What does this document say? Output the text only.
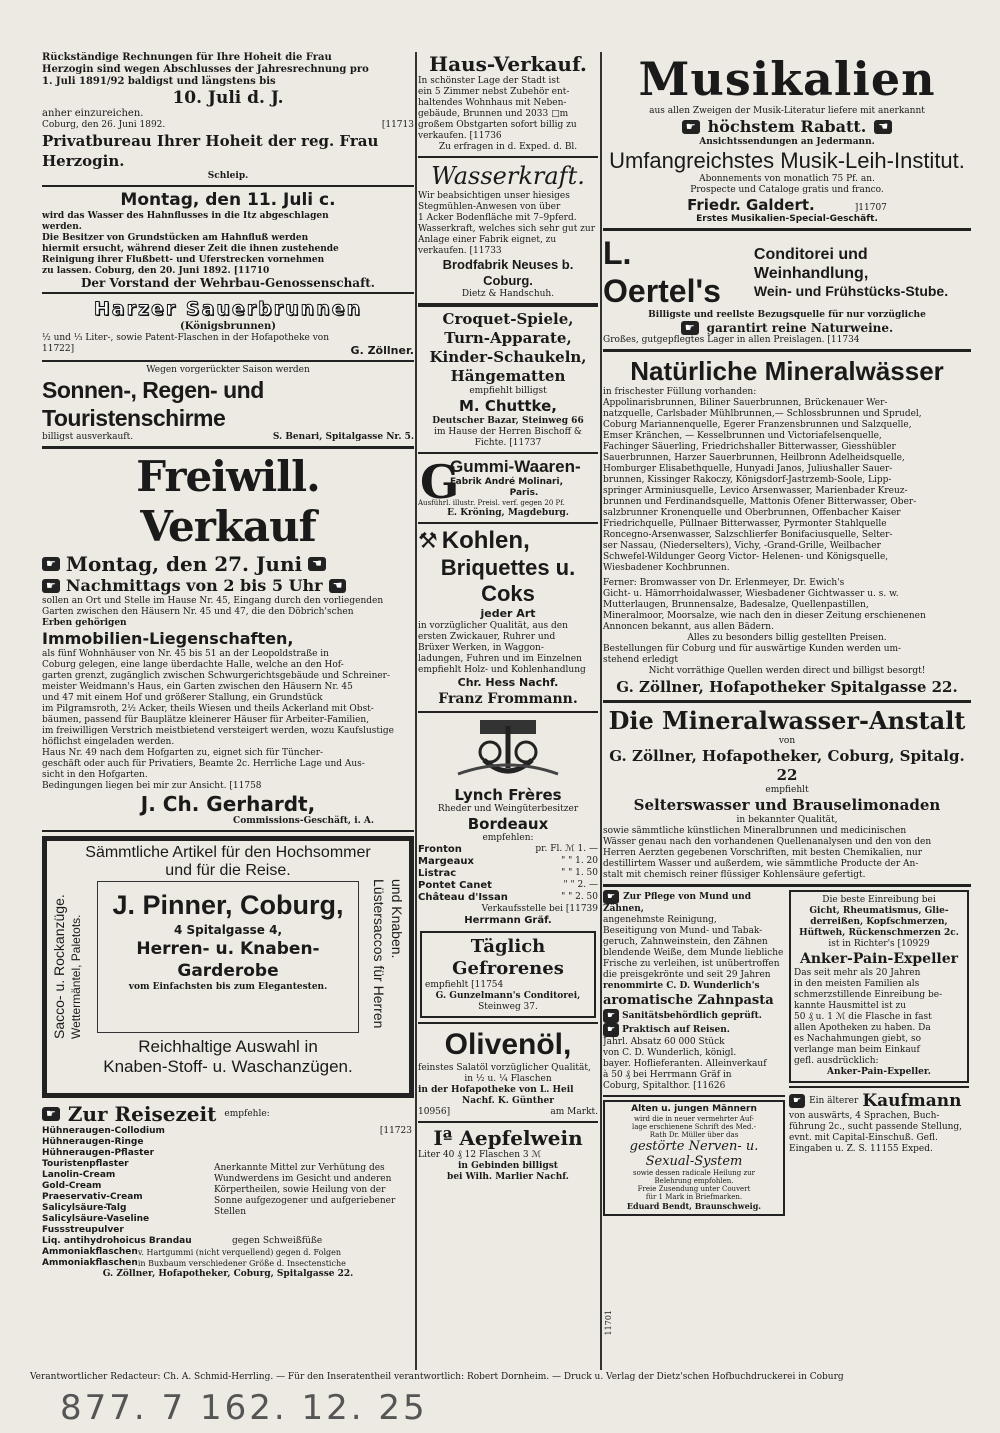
Rückständige Rechnungen für Ihre Hoheit die Frau

Herzogin sind wegen Abschlusses der Jahresrechnung pro

1. Juli 1891/92 baldigst und längstens bis

10. Juli d. J.

anher einzureichen.

Coburg, den 26. Juni 1892.	[11713

Privatbureau Ihrer Hoheit der reg. Frau Herzogin.

Schleip.

Montag, den 11. Juli c.

wird das Wasser des Hahnflusses in die Itz abgeschlagen

werden.

Die Besitzer von Grundstücken am Hahnfluß werden

hiermit ersucht, während dieser Zeit die ihnen zustehende

Reinigung ihrer Flußbett- und Uferstrecken vornehmen

zu lassen. Coburg, den 20. Juni 1892. [11710

Der Vorstand der Wehrbau-Genossenschaft.

Harzer Sauerbrunnen

(Königsbrunnen)

½ und ⅓ Liter-, sowie Patent-Flaschen in der Hofapotheke von

11722]	G. Zöllner.

Wegen vorgerückter Saison werden

Sonnen-, Regen- und Touristenschirme

billigst ausverkauft.	S. Benari, Spitalgasse Nr. 5.

Freiwill. Verkauf

☛ Montag, den 27. Juni ☚
☛ Nachmittags von 2 bis 5 Uhr ☚

sollen an Ort und Stelle im Hause Nr. 45, Eingang durch den vorliegenden

Garten zwischen den Häusern Nr. 45 und 47, die den Döbrich'schen

Erben gehörigen

Immobilien-Liegenschaften,

als fünf Wohnhäuser von Nr. 45 bis 51 an der Leopoldstraße in

Coburg gelegen, eine lange überdachte Halle, welche an den Hof-

garten grenzt, zugänglich zwischen Schwurgerichtsgebäude und Schreiner-

meister Weidmann's Haus, ein Garten zwischen den Häusern Nr. 45

und 47 mit einem Hof und größerer Stallung, ein Grundstück

im Pilgramsroth, 2½ Acker, theils Wiesen und theils Ackerland mit Obst-

bäumen, passend für Bauplätze kleinerer Häuser für Arbeiter-Familien,

im freiwilligen Verstrich meistbietend versteigert werden, wozu Kaufslustige

höflichst eingeladen werden.

Haus Nr. 49 nach dem Hofgarten zu, eignet sich für Tüncher-

geschäft oder auch für Privatiers, Beamte 2c. Herrliche Lage und Aus-

sicht in den Hofgarten.

Bedingungen liegen bei mir zur Ansicht. [11758

J. Ch. Gerhardt,

Commissions-Geschäft, i. A.

Sämmtliche Artikel für den Hochsommer

und für die Reise.

Sacco- u. Rockanzüge. Wettermäntel, Paletots.	Lüstersaccos für Herren und Knaben.

J. Pinner, Coburg,

4 Spitalgasse 4,

Herren- u. Knaben-

Garderobe

vom Einfachsten bis zum Elegantesten.

Reichhaltige Auswahl in

Knaben-Stoff- u. Waschanzügen.

☛ Zur Reisezeit empfehle:

Hühneraugen-Collodium

Hühneraugen-Ringe

Hühneraugen-Pflaster

Touristenpflaster

Lanolin-Cream

Gold-Cream

Praeservativ-Cream

Salicylsäure-Talg

Salicylsäure-Vaseline

Fussstreupulver
Liq. antihydrohoicus Brandau	gegen Schweißfüße
Ammoniakflaschen v. Hartgummi (nicht verquellend) gegen d. Folgen
Ammoniakflaschen in Buxbaum verschiedener Größe d. Insectenstiche

[11723

Anerkannte Mittel zur Verhütung des

Wundwerdens im Gesicht und anderen

Körpertheilen, sowie Heilung von der

Sonne aufgezogener und aufgeriebener

Stellen

G. Zöllner, Hofapotheker, Coburg, Spitalgasse 22.

Haus-Verkauf.

In schönster Lage der Stadt ist

ein 5 Zimmer nebst Zubehör ent-

haltendes Wohnhaus mit Neben-

gebäude, Brunnen und 2033 □m

großem Obstgarten sofort billig zu

verkaufen. [11736

Zu erfragen in d. Exped. d. Bl.

Wasserkraft.

Wir beabsichtigen unser hiesiges

Stegmühlen-Anwesen von über

1 Acker Bodenfläche mit 7–9pferd.

Wasserkraft, welches sich sehr gut zur

Anlage einer Fabrik eignet, zu

verkaufen. [11733

Brodfabrik Neuses b. Coburg.

Dietz & Handschuh.

Croquet-Spiele,

Turn-Apparate,

Kinder-Schaukeln,

Hängematten

empfiehlt billigst

M. Chuttke,

Deutscher Bazar, Steinweg 66

im Hause der Herren Bischoff &

Fichte. [11737

G

Gummi-Waaren-

Fabrik André Molinari,

Paris.

Ausführl. illustr. Preisl. verf. gegen 20 Pf.

E. Kröning, Magdeburg.

⚒ Kohlen,

Briquettes u. Coks

jeder Art

in vorzüglicher Qualität, aus den

ersten Zwickauer, Ruhrer und

Brüxer Werken, in Waggon-

ladungen, Fuhren und im Einzelnen

empfiehlt Holz- und Kohlenhandlung

Chr. Hess Nachf.

Franz Frommann.

Lynch Frères

Rheder und Weingüterbesitzer

Bordeaux

empfehlen:

Fronton	pr. Fl. ℳ 1. —
Margeaux	" " 1. 20
Listrac	" " 1. 50
Pontet Canet	" " 2. —
Château d'Issan	" " 2. 50

Verkaufsstelle bei [11739

Herrmann Gräf.

Täglich Gefrorenes

empfiehlt [11754

G. Gunzelmann's Conditorei,

Steinweg 37.

Olivenöl,

feinstes Salatöl vorzüglicher Qualität,

in ½ u. ¼ Flaschen

in der Hofapotheke von L. Heil

Nachf. K. Günther

10956]	am Markt.

Iª Aepfelwein

Liter 40 ₰ 12 Flaschen 3 ℳ

in Gebinden billigst

bei Wilh. Marlier Nachf.

Musikalien

aus allen Zweigen der Musik-Literatur liefere mit anerkannt

☛ höchstem Rabatt.	☚

Ansichtssendungen an Jedermann.

Umfangreichstes Musik-Leih-Institut.

Abonnements von monatlich 75 Pf. an.

Prospecte und Cataloge gratis und franco.

Friedr. Galdert.	]11707

Erstes Musikalien-Special-Geschäft.

L. Oertel's

Conditorei und Weinhandlung,

Wein- und Frühstücks-Stube.

Billigste und reellste Bezugsquelle für nur vorzügliche

☛	garantirt reine Naturweine.

Großes, gutgepflegtes Lager in allen Preislagen. [11734

Natürliche Mineralwässer

in frischester Füllung vorhanden:

Appolinarisbrunnen, Biliner Sauerbrunnen, Brückenauer Wer-

natzquelle, Carlsbader Mühlbrunnen,— Schlossbrunnen und Sprudel,

Coburg Mariannenquelle, Egerer Franzensbrunnen und Salzquelle,

Emser Kränchen, — Kesselbrunnen und Victoriafelsenquelle,

Fachinger Säuerling, Friedrichshaller Bitterwasser, Giesshübler

Sauerbrunnen, Harzer Sauerbrunnen, Heilbronn Adelheidsquelle,

Homburger Elisabethquelle, Hunyadi Janos, Juliushaller Sauer-

brunnen, Kissinger Rakoczy, Königsdorf-Jastrzemb-Soole, Lipp-

springer Arminiusquelle, Levico Arsenwasser, Marienbader Kreuz-

brunnen und Ferdinandsquelle, Mattonis Ofener Bitterwasser, Ober-

salzbrunner Kronenquelle und Oberbrunnen, Offenbacher Kaiser

Friedrichquelle, Püllnaer Bitterwasser, Pyrmonter Stahlquelle

Roncegno-Arsenwasser, Salzschlierfer Bonifaciusquelle, Selter-

ser Nassau, (Niederselters), Vichy, -Grand-Grille, Weilbacher

Schwefel-Wildunger Georg Victor- Helenen- und Königsquelle,

Wiesbadener Kochbrunnen.

Ferner: Bromwasser von Dr. Erlenmeyer, Dr. Ewich's

Gicht- u. Hämorrhoidalwasser, Wiesbadener Gichtwasser u. s. w.

Mutterlaugen, Brunnensalze, Badesalze, Quellenpastillen,

Mineralmoor, Moorsalze, wie nach den in dieser Zeitung erschienenen

Annoncen bekannt, aus allen Bädern.

Alles zu besonders billig gestellten Preisen.

Bestellungen für Coburg und für auswärtige Kunden werden um-

stehend erledigt

Nicht vorräthige Quellen werden direct und billigst besorgt!

G. Zöllner, Hofapotheker Spitalgasse 22.

Die Mineralwasser-Anstalt

von

G. Zöllner, Hofapotheker, Coburg, Spitalg. 22

empfiehlt

Selterswasser und Brauselimonaden

in bekannter Qualität,

sowie sämmtliche künstlichen Mineralbrunnen und medicinischen

Wässer genau nach den vorhandenen Quellenanalysen und den von den

Herren Aerzten gegebenen Vorschriften, mit besten Chemikalien, nur

destillirtem Wasser und außerdem, wie sämmtliche Producte der An-

stalt mit chemisch reiner flüssiger Kohlensäure gefertigt.

☛ Zur Pflege von Mund und

Zähnen,

angenehmste Reinigung,

Beseitigung von Mund- und Tabak-

geruch, Zahnweinstein, den Zähnen

blendende Weiße, dem Munde liebliche

Frische zu verleihen, ist unübertroffen

die preisgekrönte und seit 29 Jahren

renommirte C. D. Wunderlich's

aromatische Zahnpasta

☛ Sanitätsbehördlich geprüft.
☛ Praktisch auf Reisen.

Jahrl. Absatz 60 000 Stück

von C. D. Wunderlich, königl.

bayer. Hoflieferanten. Alleinverkauf

à 50 ₰ bei Herrmann Gräf in

Coburg, Spitalthor. [11626

Alten u. jungen Männern

wird die in neuer vermehrter Auf-

lage erschienene Schrift des Med.-

Rath Dr. Müller über das

gestörte Nerven- u.

Sexual-System

sowie dessen radicale Heilung zur

Belehrung empfohlen.

Freie Zusendung unter Couvert

für 1 Mark in Briefmarken.

Eduard Bendt, Braunschweig.

Die beste Einreibung bei

Gicht, Rheumatismus, Glie-

derreißen, Kopfschmerzen,

Hüftweh, Rückenschmerzen 2c.

ist in Richter's [10929

Anker-Pain-Expeller

Das seit mehr als 20 Jahren

in den meisten Familien als

schmerzstillende Einreibung be-

kannte Hausmittel ist zu

50 ₰ u. 1 ℳ die Flasche in fast

allen Apotheken zu haben. Da

es Nachahmungen giebt, so

verlange man beim Einkauf

gefl. ausdrücklich:

Anker-Pain-Expeller.

☛ Ein älterer Kaufmann

von auswärts, 4 Sprachen, Buch-

führung 2c., sucht passende Stellung,

evnt. mit Capital-Einschuß. Gefl.

Eingaben u. Z. S. 11155 Exped.

11701

Verantwortlicher Redacteur: Ch. A. Schmid-Herrling. — Für den Inseratentheil verantwortlich: Robert Dornheim. — Druck u. Verlag der Dietz'schen Hofbuchdruckerei in Coburg
877. 7 162. 12. 25
